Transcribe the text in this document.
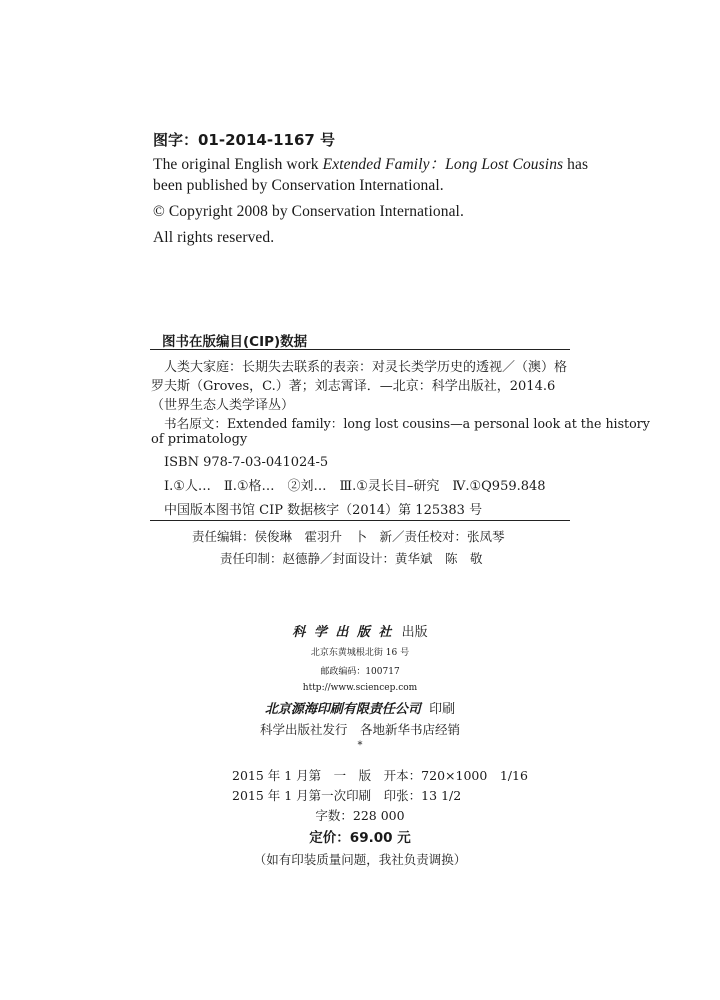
图字：01-2014-1167 号
The original English work Extended Family：Long Lost Cousins has
been published by Conservation International.
© Copyright 2008 by Conservation International.
All rights reserved.
图书在版编目(CIP)数据
人类大家庭：长期失去联系的表亲：对灵长类学历史的透视／（澳）格
罗夫斯（Groves，C.）著；刘志霄译．—北京：科学出版社，2014.6
（世界生态人类学译丛）
书名原文：Extended family：long lost cousins—a personal look at the history
of primatology
ISBN 978-7-03-041024-5
Ⅰ.①人…　Ⅱ.①格…　②刘…　Ⅲ.①灵长目–研究　Ⅳ.①Q959.848
中国版本图书馆 CIP 数据核字（2014）第 125383 号
责任编辑：侯俊琳　霍羽升　卜　新／责任校对：张凤琴
责任印制：赵德静／封面设计：黄华斌　陈　敬
科 学 出 版 社 出版
北京东黄城根北街 16 号
邮政编码：100717
http://www.sciencep.com
北京源海印刷有限责任公司 印刷
科学出版社发行　各地新华书店经销
*
2015 年 1 月第　一　版　开本：720×1000　1/16
2015 年 1 月第一次印刷　印张：13 1/2
字数：228 000
定价：69.00 元
（如有印装质量问题，我社负责调换）
